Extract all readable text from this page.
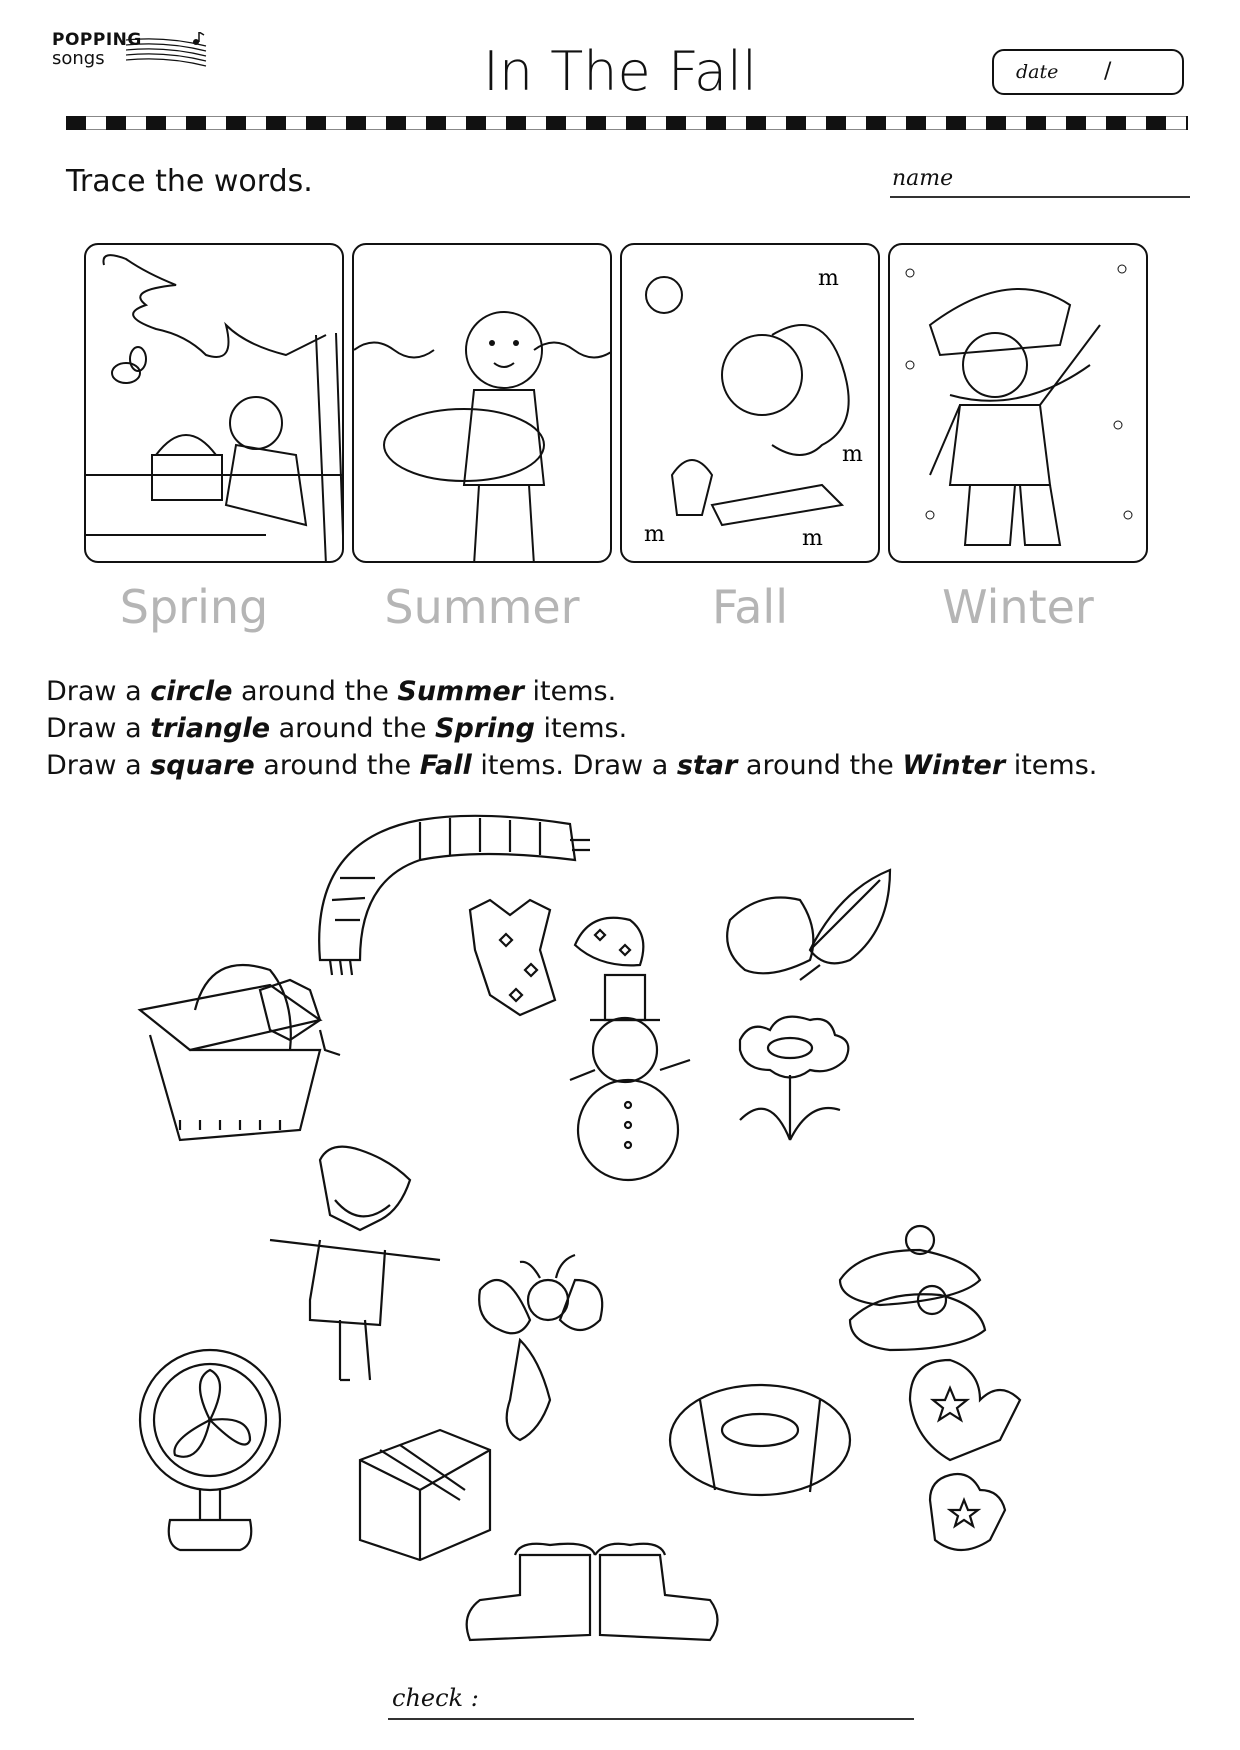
POPPING
songs	In The Fall	date /
Trace the words.	name
m
m	m
m
Spring	Summer	Fall	Winter
Draw a circle around the Summer items.
Draw a triangle around the Spring items.
Draw a square around the Fall items. Draw a star around the Winter items.
check :
